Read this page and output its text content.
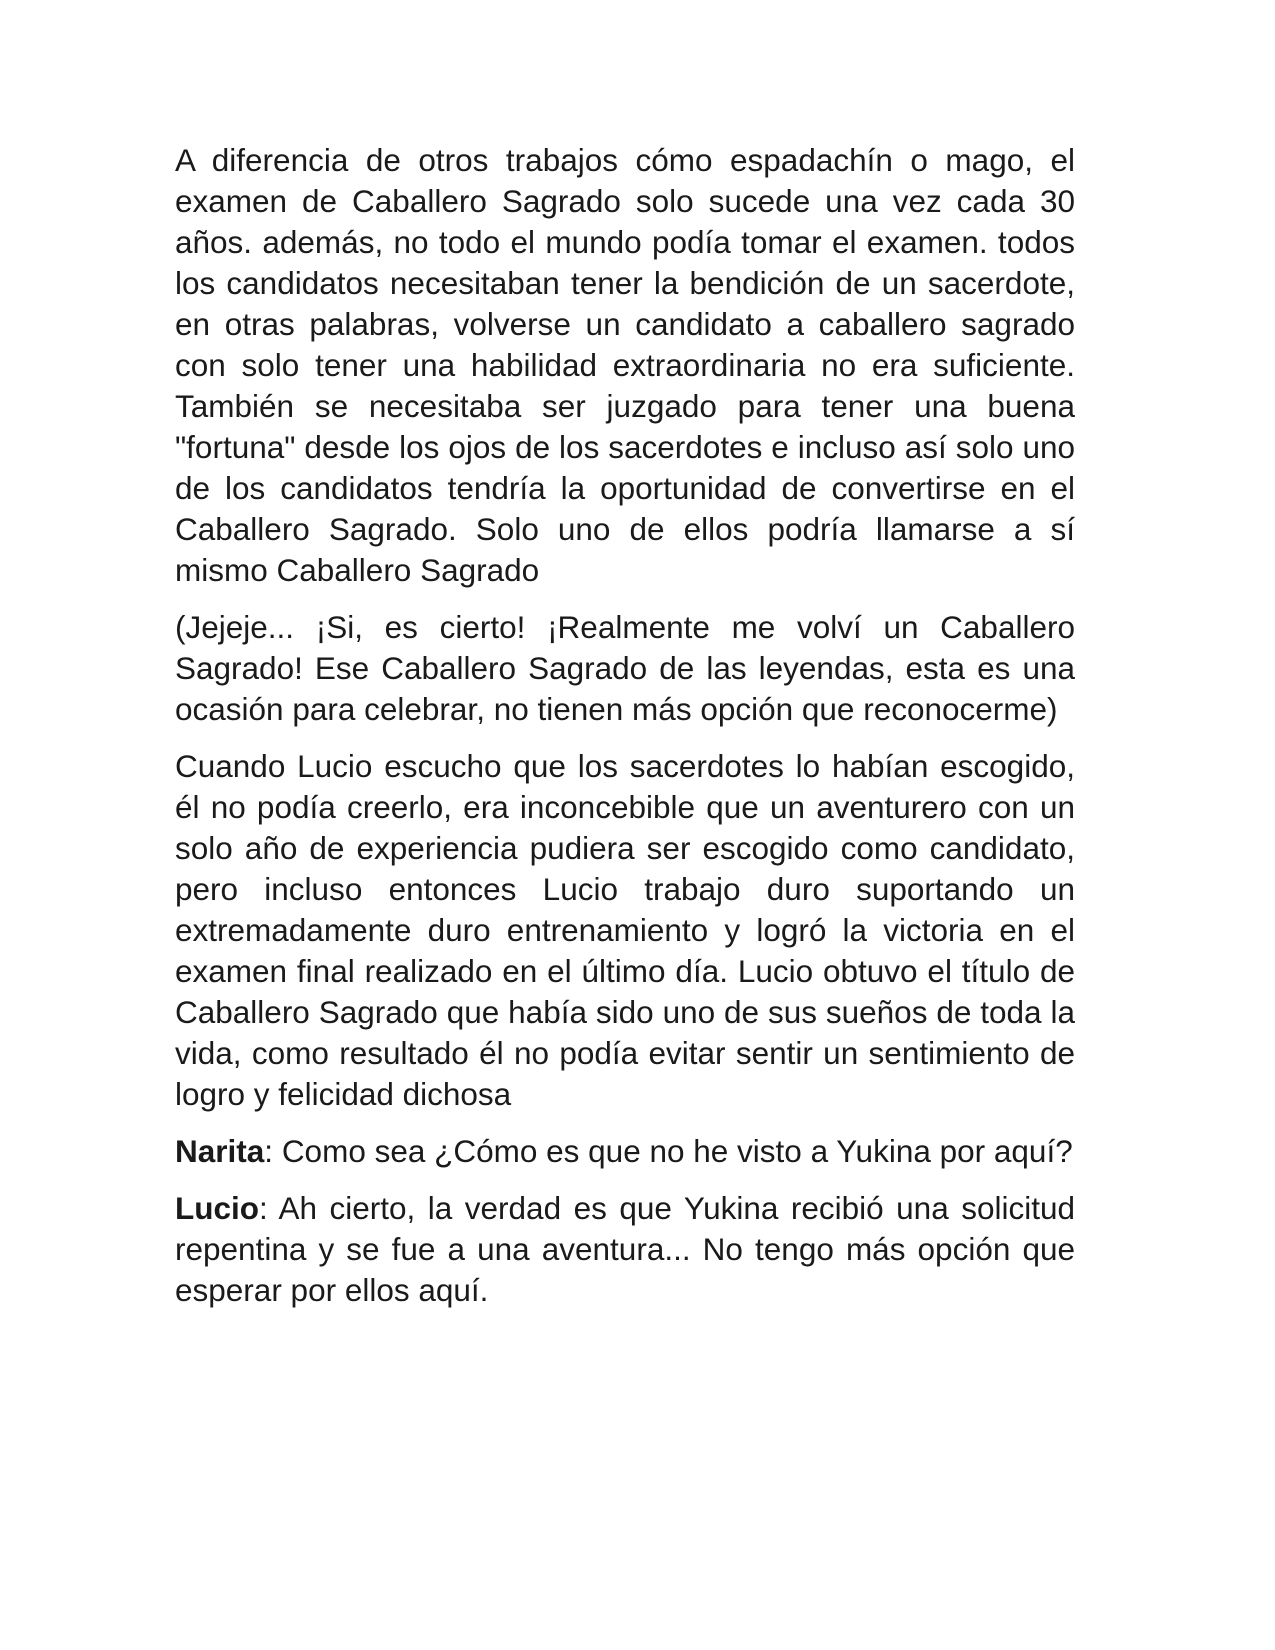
A diferencia de otros trabajos cómo espadachín o mago, el examen de Caballero Sagrado solo sucede una vez cada 30 años. además, no todo el mundo podía tomar el examen. todos los candidatos necesitaban tener la bendición de un sacerdote, en otras palabras, volverse un candidato a caballero sagrado con solo tener una habilidad extraordinaria no era suficiente. También se necesitaba ser juzgado para tener una buena "fortuna" desde los ojos de los sacerdotes e incluso así solo uno de los candidatos tendría la oportunidad de convertirse en el Caballero Sagrado. Solo uno de ellos podría llamarse a sí mismo Caballero Sagrado

(Jejeje... ¡Si, es cierto! ¡Realmente me volví un Caballero Sagrado! Ese Caballero Sagrado de las leyendas, esta es una ocasión para celebrar, no tienen más opción que reconocerme)

Cuando Lucio escucho que los sacerdotes lo habían escogido, él no podía creerlo, era inconcebible que un aventurero con un solo año de experiencia pudiera ser escogido como candidato, pero incluso entonces Lucio trabajo duro suportando un extremadamente duro entrenamiento y logró la victoria en el examen final realizado en el último día. Lucio obtuvo el título de Caballero Sagrado que había sido uno de sus sueños de toda la vida, como resultado él no podía evitar sentir un sentimiento de logro y felicidad dichosa

Narita: Como sea ¿Cómo es que no he visto a Yukina por aquí?

Lucio: Ah cierto, la verdad es que Yukina recibió una solicitud repentina y se fue a una aventura... No tengo más opción que esperar por ellos aquí.
